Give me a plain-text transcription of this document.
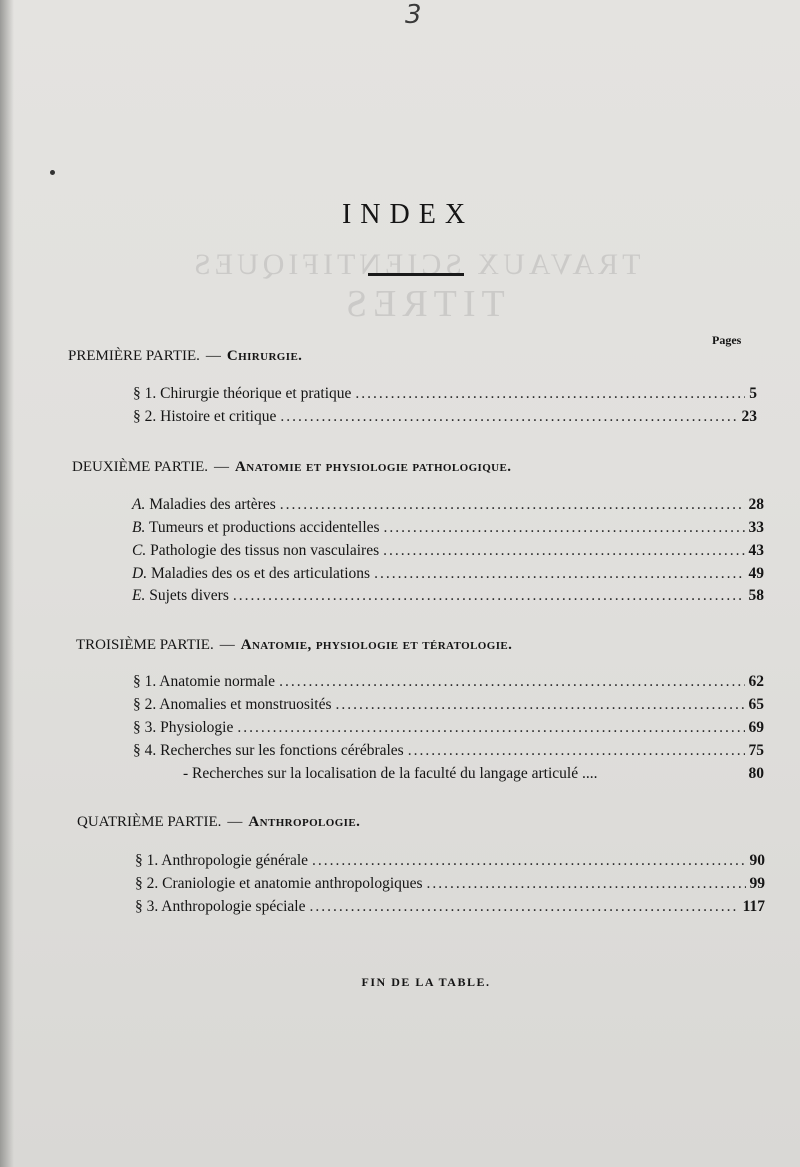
TRAVAUX SCIENTIFIQUES
TITRES
3
INDEX
Pages
PREMIÈRE PARTIE. — Chirurgie.
§ 1. Chirurgie théorique et pratique .....	5
§ 2. Histoire et critique .....	23
DEUXIÈME PARTIE. — Anatomie et physiologie pathologique.
A. Maladies des artères .....	28
B. Tumeurs et productions accidentelles .....	33
C. Pathologie des tissus non vasculaires .....	43
D. Maladies des os et des articulations .....	49
E. Sujets divers .....	58
TROISIÈME PARTIE. — Anatomie, physiologie et tératologie.
§ 1. Anatomie normale .....	62
§ 2. Anomalies et monstruosités .....	65
§ 3. Physiologie .....	69
§ 4. Recherches sur les fonctions cérébrales .....	75
- Recherches sur la localisation de la faculté du langage articulé ....	80
QUATRIÈME PARTIE. — Anthropologie.
§ 1. Anthropologie générale .....	90
§ 2. Craniologie et anatomie anthropologiques .....	99
§ 3. Anthropologie spéciale .....	117
FIN DE LA TABLE.
